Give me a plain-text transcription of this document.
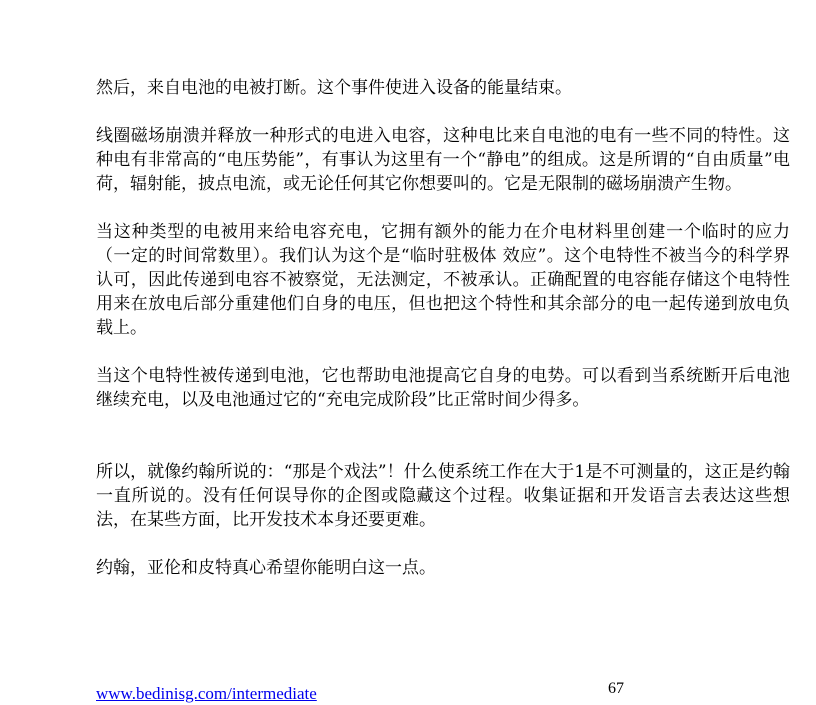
然后，来自电池的电被打断。这个事件使进入设备的能量结束。

线圈磁场崩溃并释放一种形式的电进入电容，这种电比来自电池的电有一些不同的特性。这种电有非常高的“电压势能”，有事认为这里有一个“静电”的组成。这是所谓的“自由质量”电荷，辐射能，披点电流，或无论任何其它你想要叫的。它是无限制的磁场崩溃产生物。

当这种类型的电被用来给电容充电，它拥有额外的能力在介电材料里创建一个临时的应力（一定的时间常数里）。我们认为这个是“临时驻极体 效应”。这个电特性不被当今的科学界认可，因此传递到电容不被察觉，无法测定，不被承认。正确配置的电容能存储这个电特性用来在放电后部分重建他们自身的电压，但也把这个特性和其余部分的电一起传递到放电负载上。

当这个电特性被传递到电池，它也帮助电池提高它自身的电势。可以看到当系统断开后电池继续充电，以及电池通过它的“充电完成阶段”比正常时间少得多。

所以，就像约翰所说的：“那是个戏法”！什么使系统工作在大于1是不可测量的，这正是约翰一直所说的。没有任何误导你的企图或隐藏这个过程。收集证据和开发语言去表达这些想法，在某些方面，比开发技术本身还要更难。

约翰，亚伦和皮特真心希望你能明白这一点。

www.bedinisg.com/intermediate	67
